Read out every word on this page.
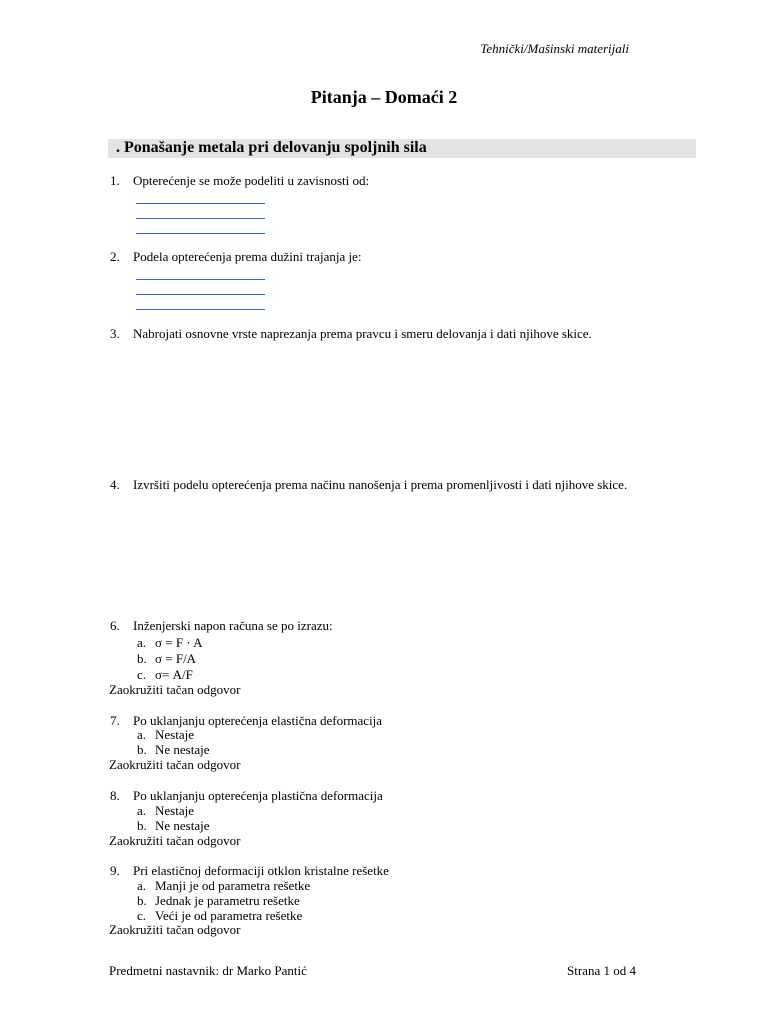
Tehnički/Mašinski materijali
Pitanja – Domaći 2
. Ponašanje metala pri delovanju spoljnih sila
1. Opterećenje se može podeliti u zavisnosti od:
2. Podela opterećenja prema dužini trajanja je:
3. Nabrojati osnovne vrste naprezanja prema pravcu i smeru delovanja i dati njihove skice.
4. Izvršiti podelu opterećenja prema načinu nanošenja i prema promenljivosti i dati njihove skice.
6. Inženjerski napon računa se po izrazu:
a. σ = F · A
b. σ = F/A
c. σ= A/F
Zaokružiti tačan odgovor
7. Po uklanjanju opterećenja elastična deformacija
a. Nestaje
b. Ne nestaje
Zaokružiti tačan odgovor
8. Po uklanjanju opterećenja plastična deformacija
a. Nestaje
b. Ne nestaje
Zaokružiti tačan odgovor
9. Pri elastičnoj deformaciji otklon kristalne rešetke
a. Manji je od parametra rešetke
b. Jednak je parametru rešetke
c. Veći je od parametra rešetke
Zaokružiti tačan odgovor
Predmetni nastavnik: dr Marko Pantić	Strana 1 od 4
